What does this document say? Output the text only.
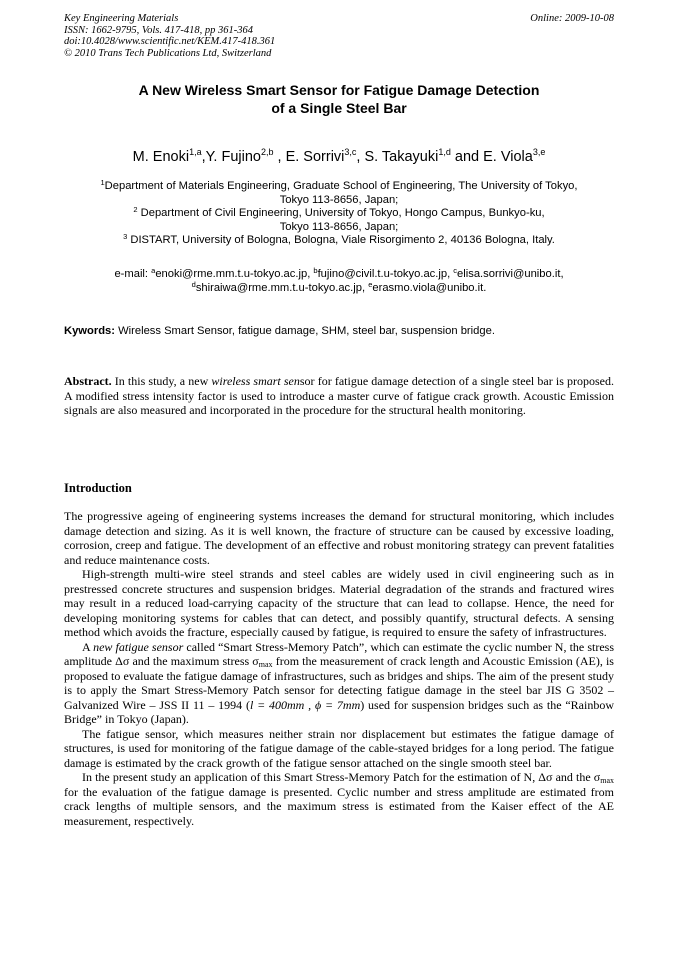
Key Engineering Materials
ISSN: 1662-9795, Vols. 417-418, pp 361-364
doi:10.4028/www.scientific.net/KEM.417-418.361
© 2010 Trans Tech Publications Ltd, Switzerland
Online: 2009-10-08
A New Wireless Smart Sensor for Fatigue Damage Detection
of a Single Steel Bar
M. Enoki$^{1,a}$,Y. Fujino$^{2,b}$ , E. Sorrivi$^{3,c}$, S. Takayuki$^{1,d}$ and E. Viola$^{3,e}$
$^1$Department of Materials Engineering, Graduate School of Engineering, The University of Tokyo,
Tokyo 113-8656, Japan;
$^2$ Department of Civil Engineering, University of Tokyo, Hongo Campus, Bunkyo-ku,
Tokyo 113-8656, Japan;
$^3$ DISTART, University of Bologna, Bologna, Viale Risorgimento 2, 40136 Bologna, Italy.
e-mail: $^a$enoki@rme.mm.t.u-tokyo.ac.jp, $^b$fujino@civil.t.u-tokyo.ac.jp, $^c$elisa.sorrivi@unibo.it,
$^d$shiraiwa@rme.mm.t.u-tokyo.ac.jp, $^e$erasmo.viola@unibo.it.
Kywords: Wireless Smart Sensor, fatigue damage, SHM, steel bar, suspension bridge.
Abstract. In this study, a new wireless smart sensor for fatigue damage detection of a single steel bar is proposed. A modified stress intensity factor is used to introduce a master curve of fatigue crack growth. Acoustic Emission signals are also measured and incorporated in the procedure for the structural health monitoring.
Introduction

The progressive ageing of engineering systems increases the demand for structural monitoring, which includes damage detection and sizing. As it is well known, the fracture of structure can be caused by excessive loading, corrosion, creep and fatigue. The development of an effective and robust monitoring strategy can prevent fatalities and reduce maintenance costs.

High-strength multi-wire steel strands and steel cables are widely used in civil engineering such as in prestressed concrete structures and suspension bridges. Material degradation of the strands and fractured wires may result in a reduced load-carrying capacity of the structure that can lead to collapse. Hence, the need for developing monitoring systems for cables that can detect, and possibly quantify, structural defects. A sensing method which avoids the fracture, especially caused by fatigue, is required to ensure the safety of infrastructures.

A new fatigue sensor called “Smart Stress-Memory Patch”, which can estimate the cyclic number N, the stress amplitude Δσ and the maximum stress $\sigma_{max}$ from the measurement of crack length and Acoustic Emission (AE), is proposed to evaluate the fatigue damage of infrastructures, such as bridges and ships. The aim of the present study is to apply the Smart Stress-Memory Patch sensor for detecting fatigue damage in the steel bar JIS G 3502 – Galvanized Wire – JSS II 11 – 1994 (l = 400mm , ϕ = 7mm) used for suspension bridges such as the “Rainbow Bridge” in Tokyo (Japan).

The fatigue sensor, which measures neither strain nor displacement but estimates the fatigue damage of structures, is used for monitoring of the fatigue damage of the cable-stayed bridges for a long period. The fatigue damage is estimated by the crack growth of the fatigue sensor attached on the single smooth steel bar.

In the present study an application of this Smart Stress-Memory Patch for the estimation of N, Δσ and the $\sigma_{max}$ for the evaluation of the fatigue damage is presented. Cyclic number and stress amplitude are estimated from crack lengths of multiple sensors, and the maximum stress is estimated from the Kaiser effect of the AE measurement, respectively.
